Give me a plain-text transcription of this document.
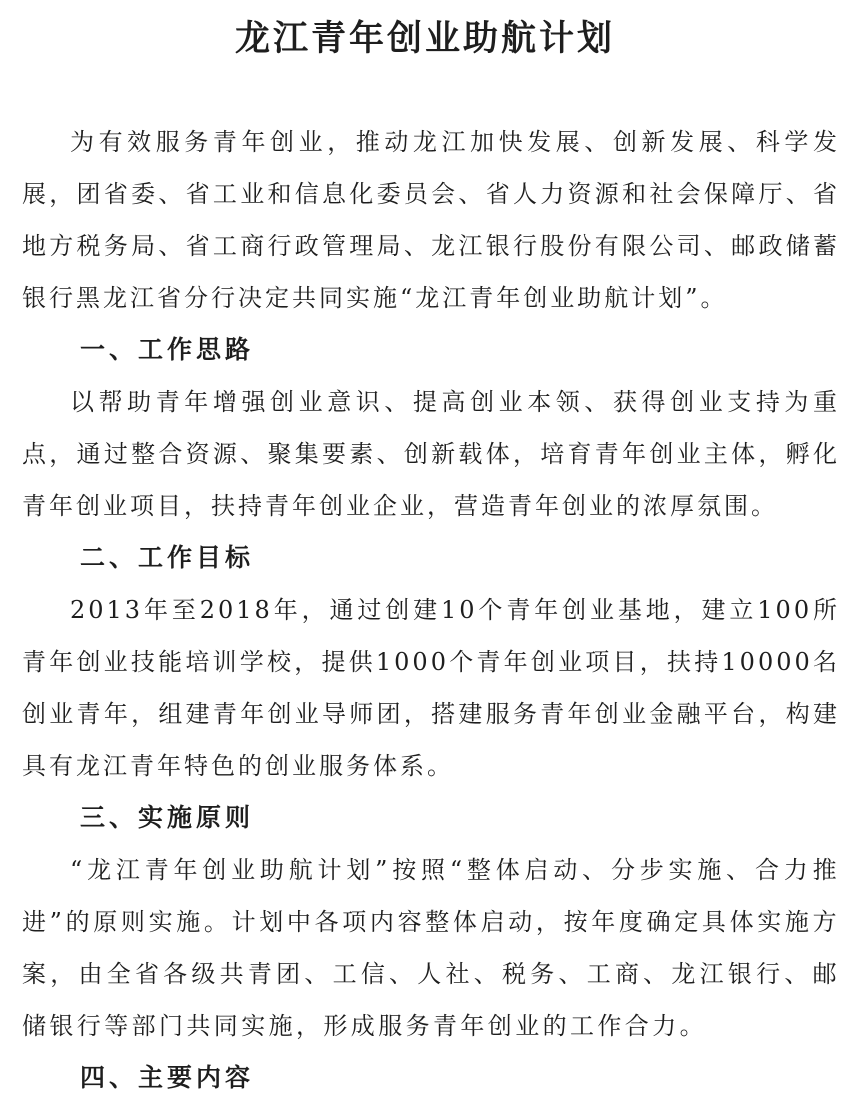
龙江青年创业助航计划

为有效服务青年创业，推动龙江加快发展、创新发展、科学发展，团省委、省工业和信息化委员会、省人力资源和社会保障厅、省地方税务局、省工商行政管理局、龙江银行股份有限公司、邮政储蓄银行黑龙江省分行决定共同实施“龙江青年创业助航计划”。

一、工作思路

以帮助青年增强创业意识、提高创业本领、获得创业支持为重点，通过整合资源、聚集要素、创新载体，培育青年创业主体，孵化青年创业项目，扶持青年创业企业，营造青年创业的浓厚氛围。

二、工作目标

2013年至2018年，通过创建10个青年创业基地，建立100所青年创业技能培训学校，提供1000个青年创业项目，扶持10000名创业青年，组建青年创业导师团，搭建服务青年创业金融平台，构建具有龙江青年特色的创业服务体系。

三、实施原则

“龙江青年创业助航计划”按照“整体启动、分步实施、合力推进”的原则实施。计划中各项内容整体启动，按年度确定具体实施方案，由全省各级共青团、工信、人社、税务、工商、龙江银行、邮储银行等部门共同实施，形成服务青年创业的工作合力。

四、主要内容
